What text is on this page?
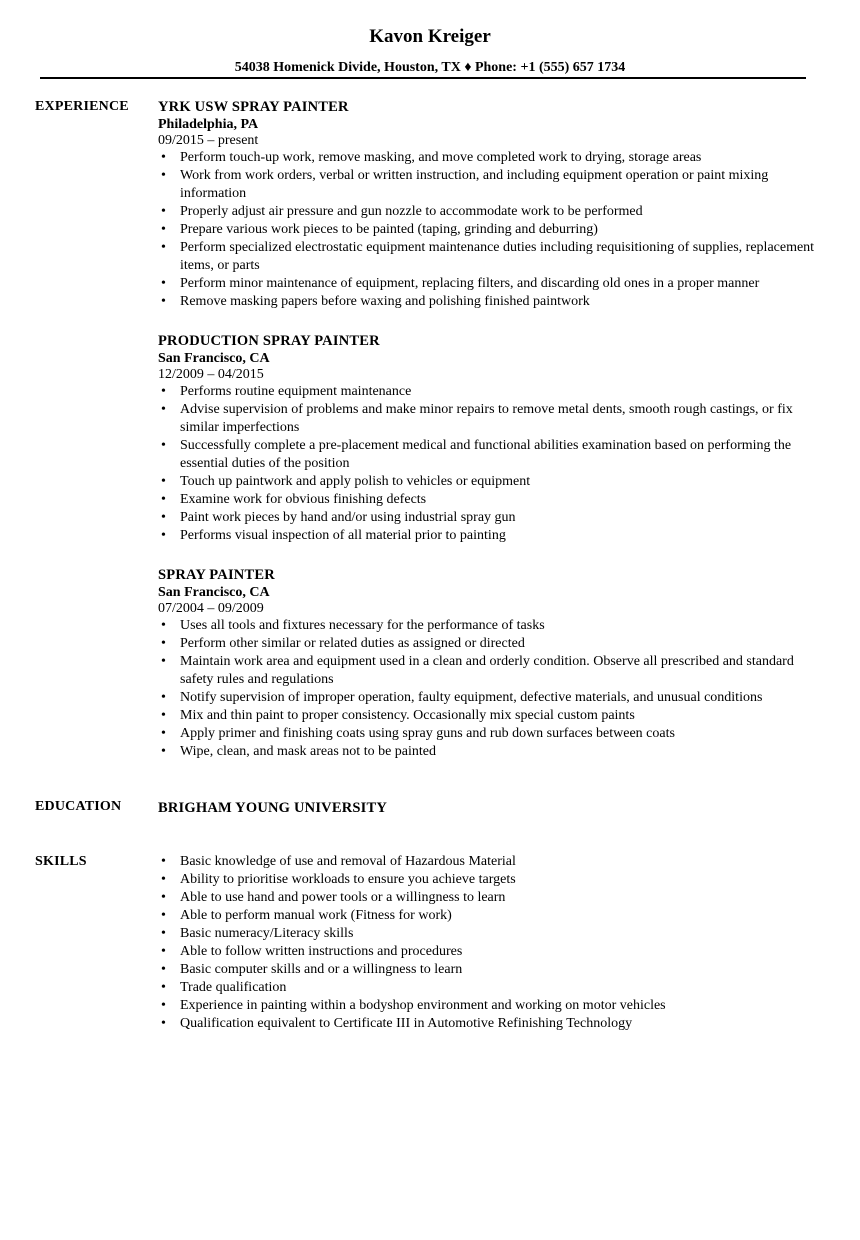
Kavon Kreiger
54038 Homenick Divide, Houston, TX ♦ Phone: +1 (555) 657 1734
EXPERIENCE YRK USW SPRAY PAINTER
Philadelphia, PA
09/2015 – present
• Perform touch-up work, remove masking, and move completed work to drying, storage areas
• Work from work orders, verbal or written instruction, and including equipment operation or paint mixing information
• Properly adjust air pressure and gun nozzle to accommodate work to be performed
• Prepare various work pieces to be painted (taping, grinding and deburring)
• Perform specialized electrostatic equipment maintenance duties including requisitioning of supplies, replacement items, or parts
• Perform minor maintenance of equipment, replacing filters, and discarding old ones in a proper manner
• Remove masking papers before waxing and polishing finished paintwork
PRODUCTION SPRAY PAINTER
San Francisco, CA
12/2009 – 04/2015
• Performs routine equipment maintenance
• Advise supervision of problems and make minor repairs to remove metal dents, smooth rough castings, or fix similar imperfections
• Successfully complete a pre-placement medical and functional abilities examination based on performing the essential duties of the position
• Touch up paintwork and apply polish to vehicles or equipment
• Examine work for obvious finishing defects
• Paint work pieces by hand and/or using industrial spray gun
• Performs visual inspection of all material prior to painting
SPRAY PAINTER
San Francisco, CA
07/2004 – 09/2009
• Uses all tools and fixtures necessary for the performance of tasks
• Perform other similar or related duties as assigned or directed
• Maintain work area and equipment used in a clean and orderly condition. Observe all prescribed and standard safety rules and regulations
• Notify supervision of improper operation, faulty equipment, defective materials, and unusual conditions
• Mix and thin paint to proper consistency. Occasionally mix special custom paints
• Apply primer and finishing coats using spray guns and rub down surfaces between coats
• Wipe, clean, and mask areas not to be painted
EDUCATION	BRIGHAM YOUNG UNIVERSITY
SKILLS
•	Basic knowledge of use and removal of Hazardous Material
• Ability to prioritise workloads to ensure you achieve targets
• Able to use hand and power tools or a willingness to learn
• Able to perform manual work (Fitness for work)
• Basic numeracy/Literacy skills
• Able to follow written instructions and procedures
• Basic computer skills and or a willingness to learn
• Trade qualification
• Experience in painting within a bodyshop environment and working on motor vehicles
• Qualification equivalent to Certificate III in Automotive Refinishing Technology
